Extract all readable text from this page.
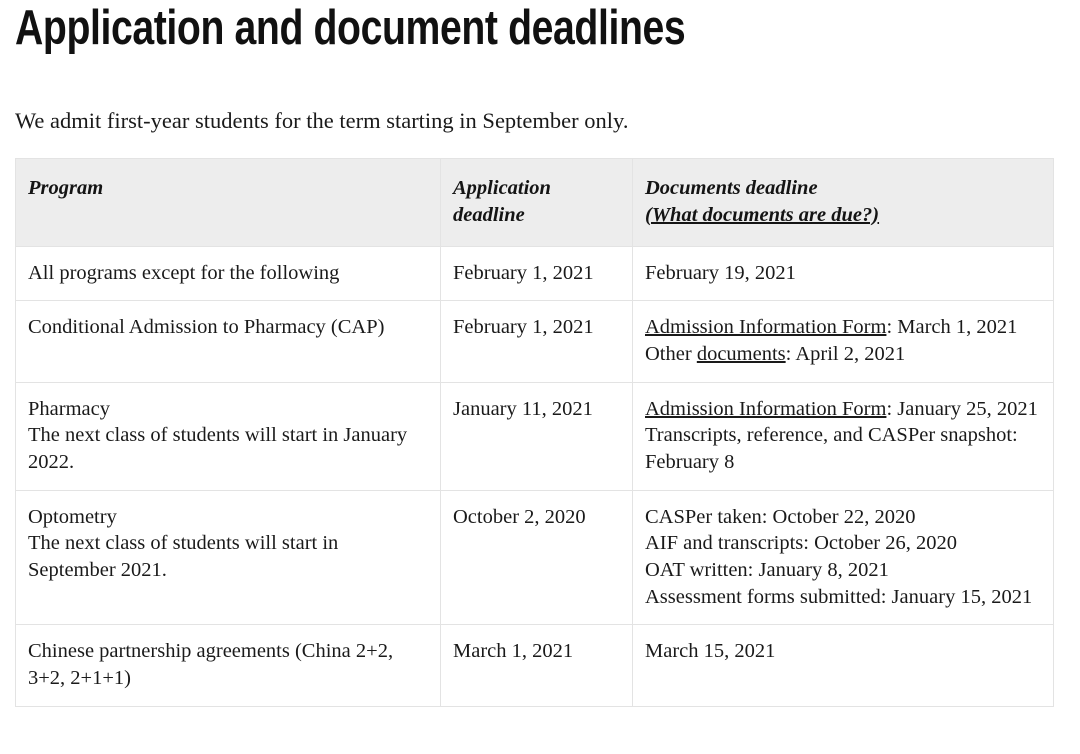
Application and document deadlines

We admit first-year students for the term starting in September only.

Program	Application deadline	Documents deadline
(What documents are due?)

All programs except for the following	February 1, 2021	February 19, 2021

Conditional Admission to Pharmacy (CAP)	February 1, 2021	Admission Information Form: March 1, 2021
Other documents: April 2, 2021

Pharmacy
The next class of students will start in January 2022.	January 11, 2021	Admission Information Form: January 25, 2021
Transcripts, reference, and CASPer snapshot: February 8

Optometry
The next class of students will start in September 2021.	October 2, 2020	CASPer taken: October 22, 2020
AIF and transcripts: October 26, 2020
OAT written: January 8, 2021
Assessment forms submitted: January 15, 2021

Chinese partnership agreements (China 2+2, 3+2, 2+1+1)	March 1, 2021	March 15, 2021
